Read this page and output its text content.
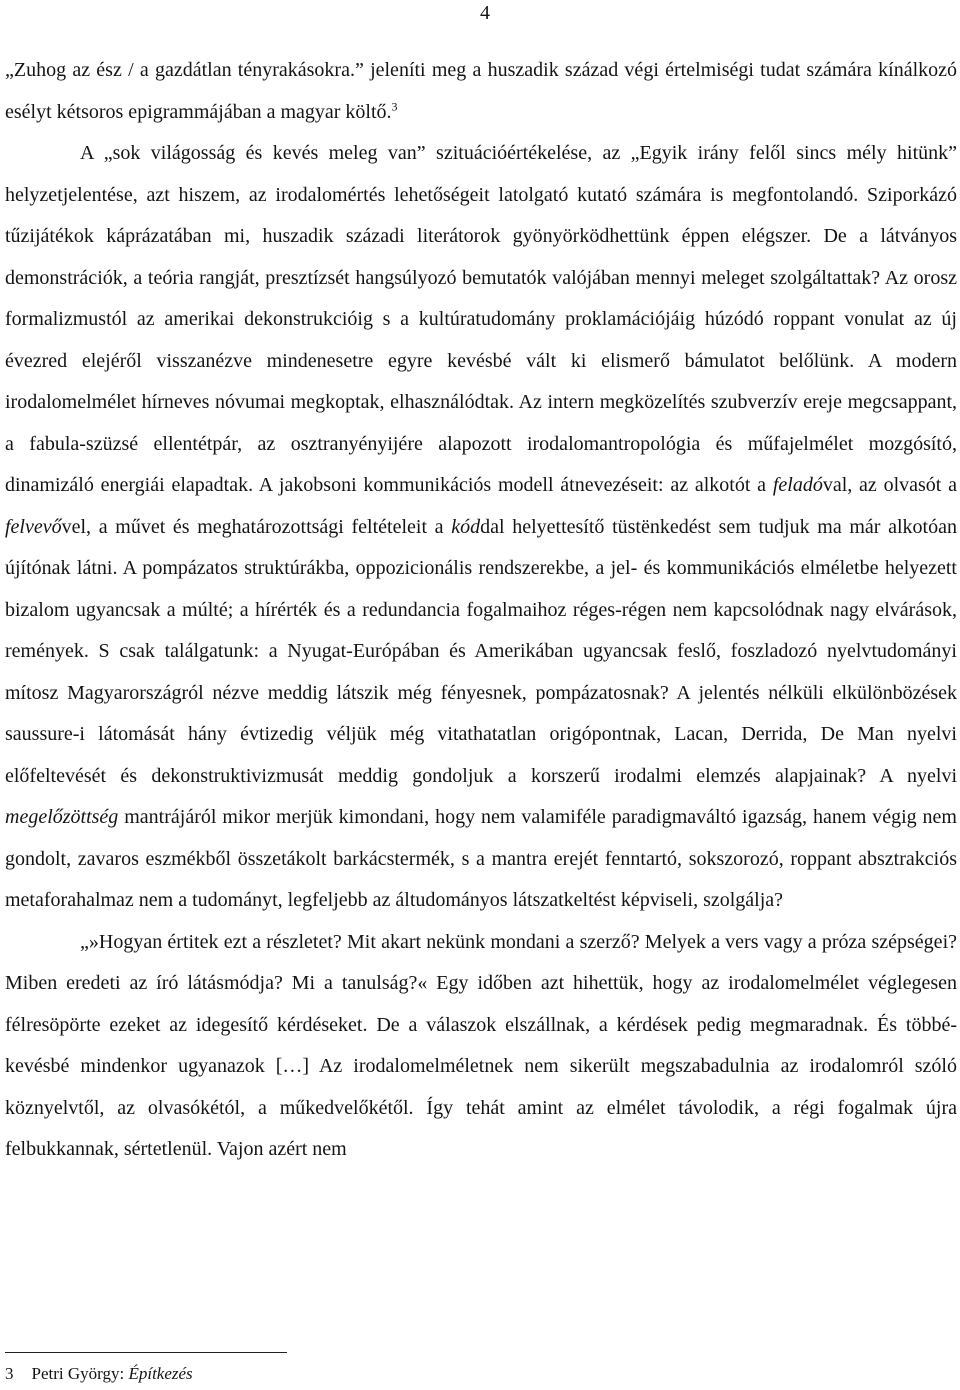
4

„Zuhog az ész / a gazdátlan tényrakásokra.” jeleníti meg a huszadik század végi értelmiségi tudat számára kínálkozó esélyt kétsoros epigrammájában a magyar költő.$^3$

A „sok világosság és kevés meleg van” szituációértékelése, az „Egyik irány felől sincs mély hitünk” helyzetjelentése, azt hiszem, az irodalomértés lehetőségeit latolgató kutató számára is megfontolandó. Sziporkázó tűzijátékok káprázatában mi, huszadik századi literátorok gyönyörködhettünk éppen elégszer. De a látványos demonstrációk, a teória rangját, presztízsét hangsúlyozó bemutatók valójában mennyi meleget szolgáltattak? Az orosz formalizmustól az amerikai dekonstrukcióig s a kultúratudomány proklamációjáig húzódó roppant vonulat az új évezred elejéről visszanézve mindenesetre egyre kevésbé vált ki elismerő bámulatot belőlünk. A modern irodalomelmélet hírneves nóvumai megkoptak, elhasználódtak. Az intern megközelítés szubverzív ereje megcsappant, a fabula-szüzsé ellentétpár, az osztranyényijére alapozott irodalomantropológia és műfajelmélet mozgósító, dinamizáló energiái elapadtak. A jakobsoni kommunikációs modell átnevezéseit: az alkotót a feladóval, az olvasót a felvevővel, a művet és meghatározottsági feltételeit a kóddal helyettesítő tüstënkedést sem tudjuk ma már alkotóan újítónak látni. A pompázatos struktúrákba, oppozicionális rendszerekbe, a jel- és kommunikációs elméletbe helyezett bizalom ugyancsak a múlté; a hírérték és a redundancia fogalmaihoz réges-régen nem kapcsolódnak nagy elvárások, remények. S csak találgatunk: a Nyugat-Európában és Amerikában ugyancsak feslő, foszladozó nyelvtudományi mítosz Magyarországról nézve meddig látszik még fényesnek, pompázatosnak? A jelentés nélküli elkülönbözések saussure-i látomását hány évtizedig véljük még vitathatatlan origópontnak, Lacan, Derrida, De Man nyelvi előfeltevését és dekonstruktivizmusát meddig gondoljuk a korszerű irodalmi elemzés alapjainak? A nyelvi megelőzöttség mantrájáról mikor merjük kimondani, hogy nem valamiféle paradigmaváltó igazság, hanem végig nem gondolt, zavaros eszmékből összetákolt barkácstermék, s a mantra erejét fenntartó, sokszorozó, roppant absztrakciós metaforahalmaz nem a tudományt, legfeljebb az áltudományos látszatkeltést képviseli, szolgálja?

„»Hogyan értitek ezt a részletet? Mit akart nekünk mondani a szerző? Melyek a vers vagy a próza szépségei? Miben eredeti az író látásmódja? Mi a tanulság?« Egy időben azt hihettük, hogy az irodalomelmélet véglegesen félresöpörte ezeket az idegesítő kérdéseket. De a válaszok elszállnak, a kérdések pedig megmaradnak. És többé-kevésbé mindenkor ugyanazok […] Az irodalomelméletnek nem sikerült megszabadulnia az irodalomról szóló köznyelvtől, az olvasókétól, a műkedvelőkétől. Így tehát amint az elmélet távolodik, a régi fogalmak újra felbukkannak, sértetlenül. Vajon azért nem

3 Petri György: Építkezés
